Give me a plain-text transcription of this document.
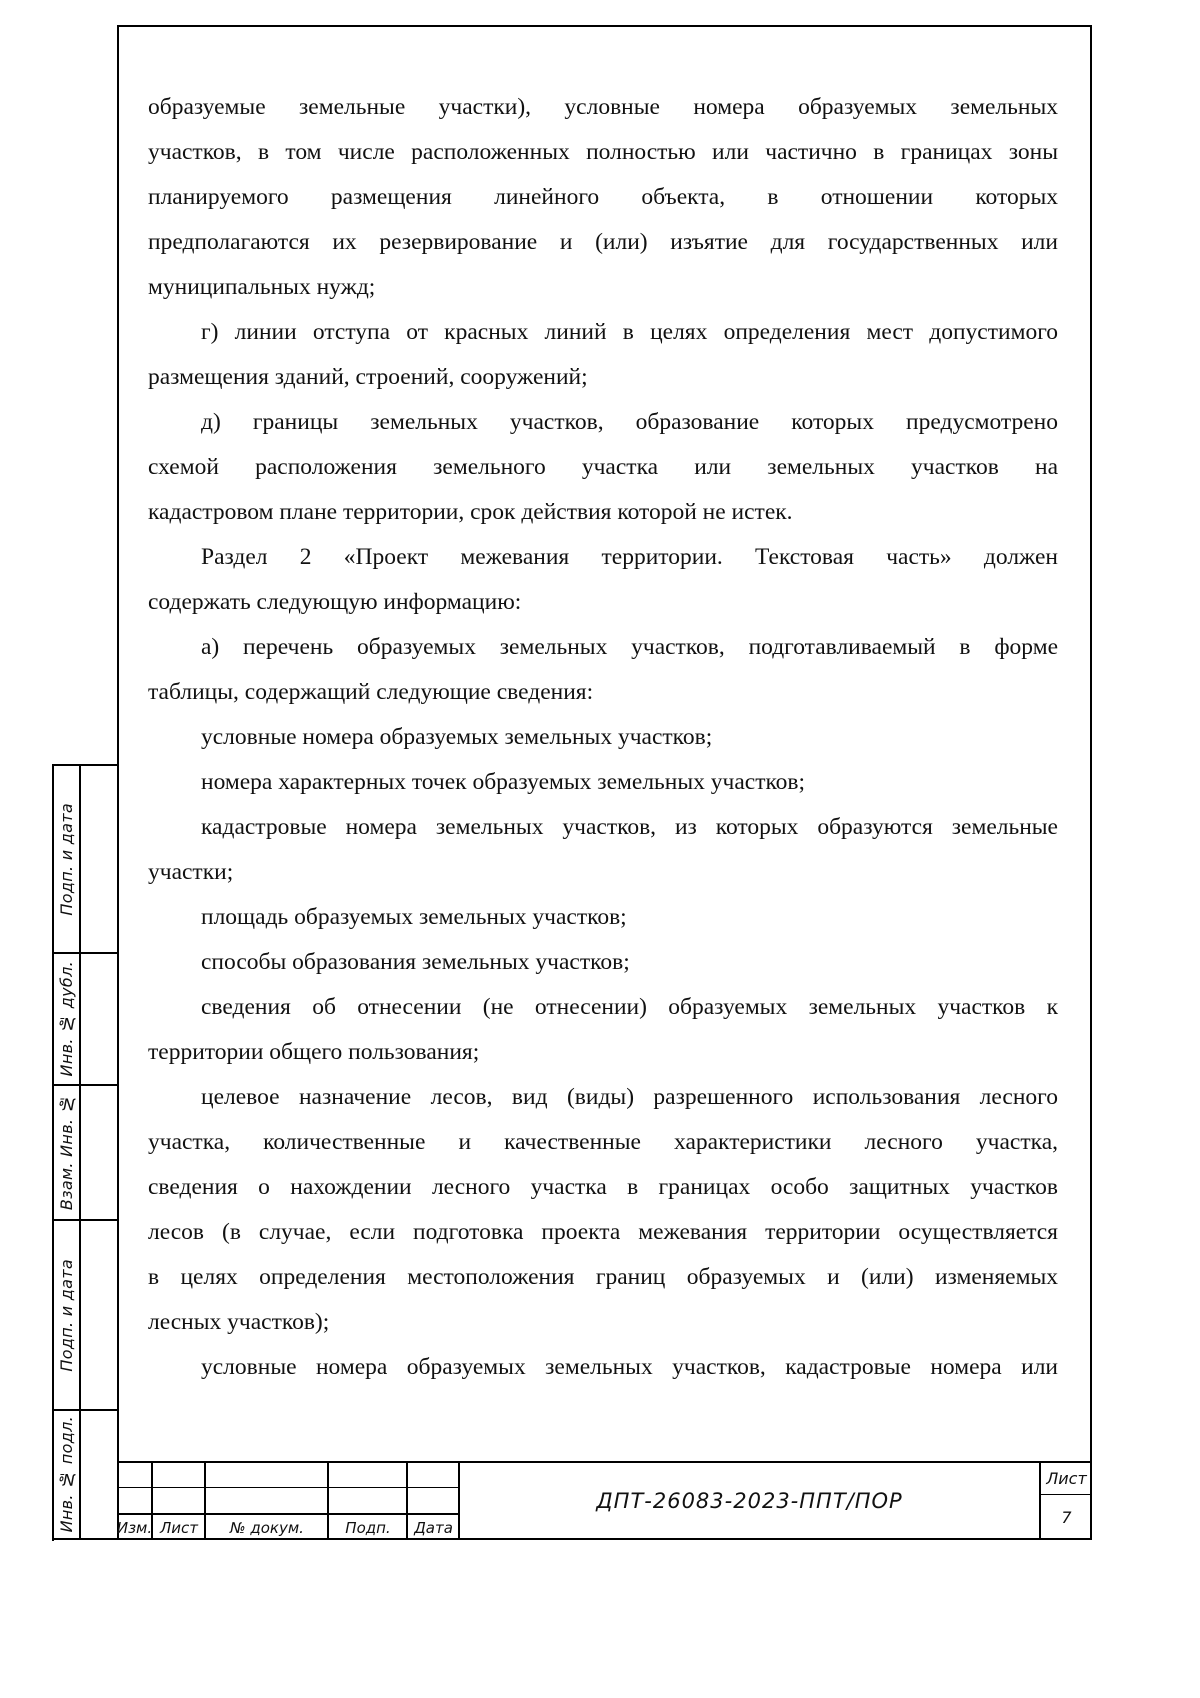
образуемые земельные участки), условные номера образуемых земельных
участков, в том числе расположенных полностью или частично в границах зоны
планируемого размещения линейного объекта, в отношении которых
предполагаются их резервирование и (или) изъятие для государственных или
муниципальных нужд;
г) линии отступа от красных линий в целях определения мест допустимого
размещения зданий, строений, сооружений;
д) границы земельных участков, образование которых предусмотрено
схемой расположения земельного участка или земельных участков на
кадастровом плане территории, срок действия которой не истек.
Раздел 2 «Проект межевания территории. Текстовая часть» должен
содержать следующую информацию:
а) перечень образуемых земельных участков, подготавливаемый в форме
таблицы, содержащий следующие сведения:
условные номера образуемых земельных участков;
номера характерных точек образуемых земельных участков;
кадастровые номера земельных участков, из которых образуются земельные
участки;
площадь образуемых земельных участков;
способы образования земельных участков;
сведения об отнесении (не отнесении) образуемых земельных участков к
территории общего пользования;
целевое назначение лесов, вид (виды) разрешенного использования лесного
участка, количественные и качественные характеристики лесного участка,
сведения о нахождении лесного участка в границах особо защитных участков
лесов (в случае, если подготовка проекта межевания территории осуществляется
в целях определения местоположения границ образуемых и (или) изменяемых
лесных участков);
условные номера образуемых земельных участков, кадастровые номера или
Подп. и дата
Инв. № дубл.
Взам. Инв. №
Подп. и дата
Инв. № подл.	Изм. Лист	№ докум.	Подп.	Дата
ДПТ-26083-2023-ППТ/ПОР
Лист
7
